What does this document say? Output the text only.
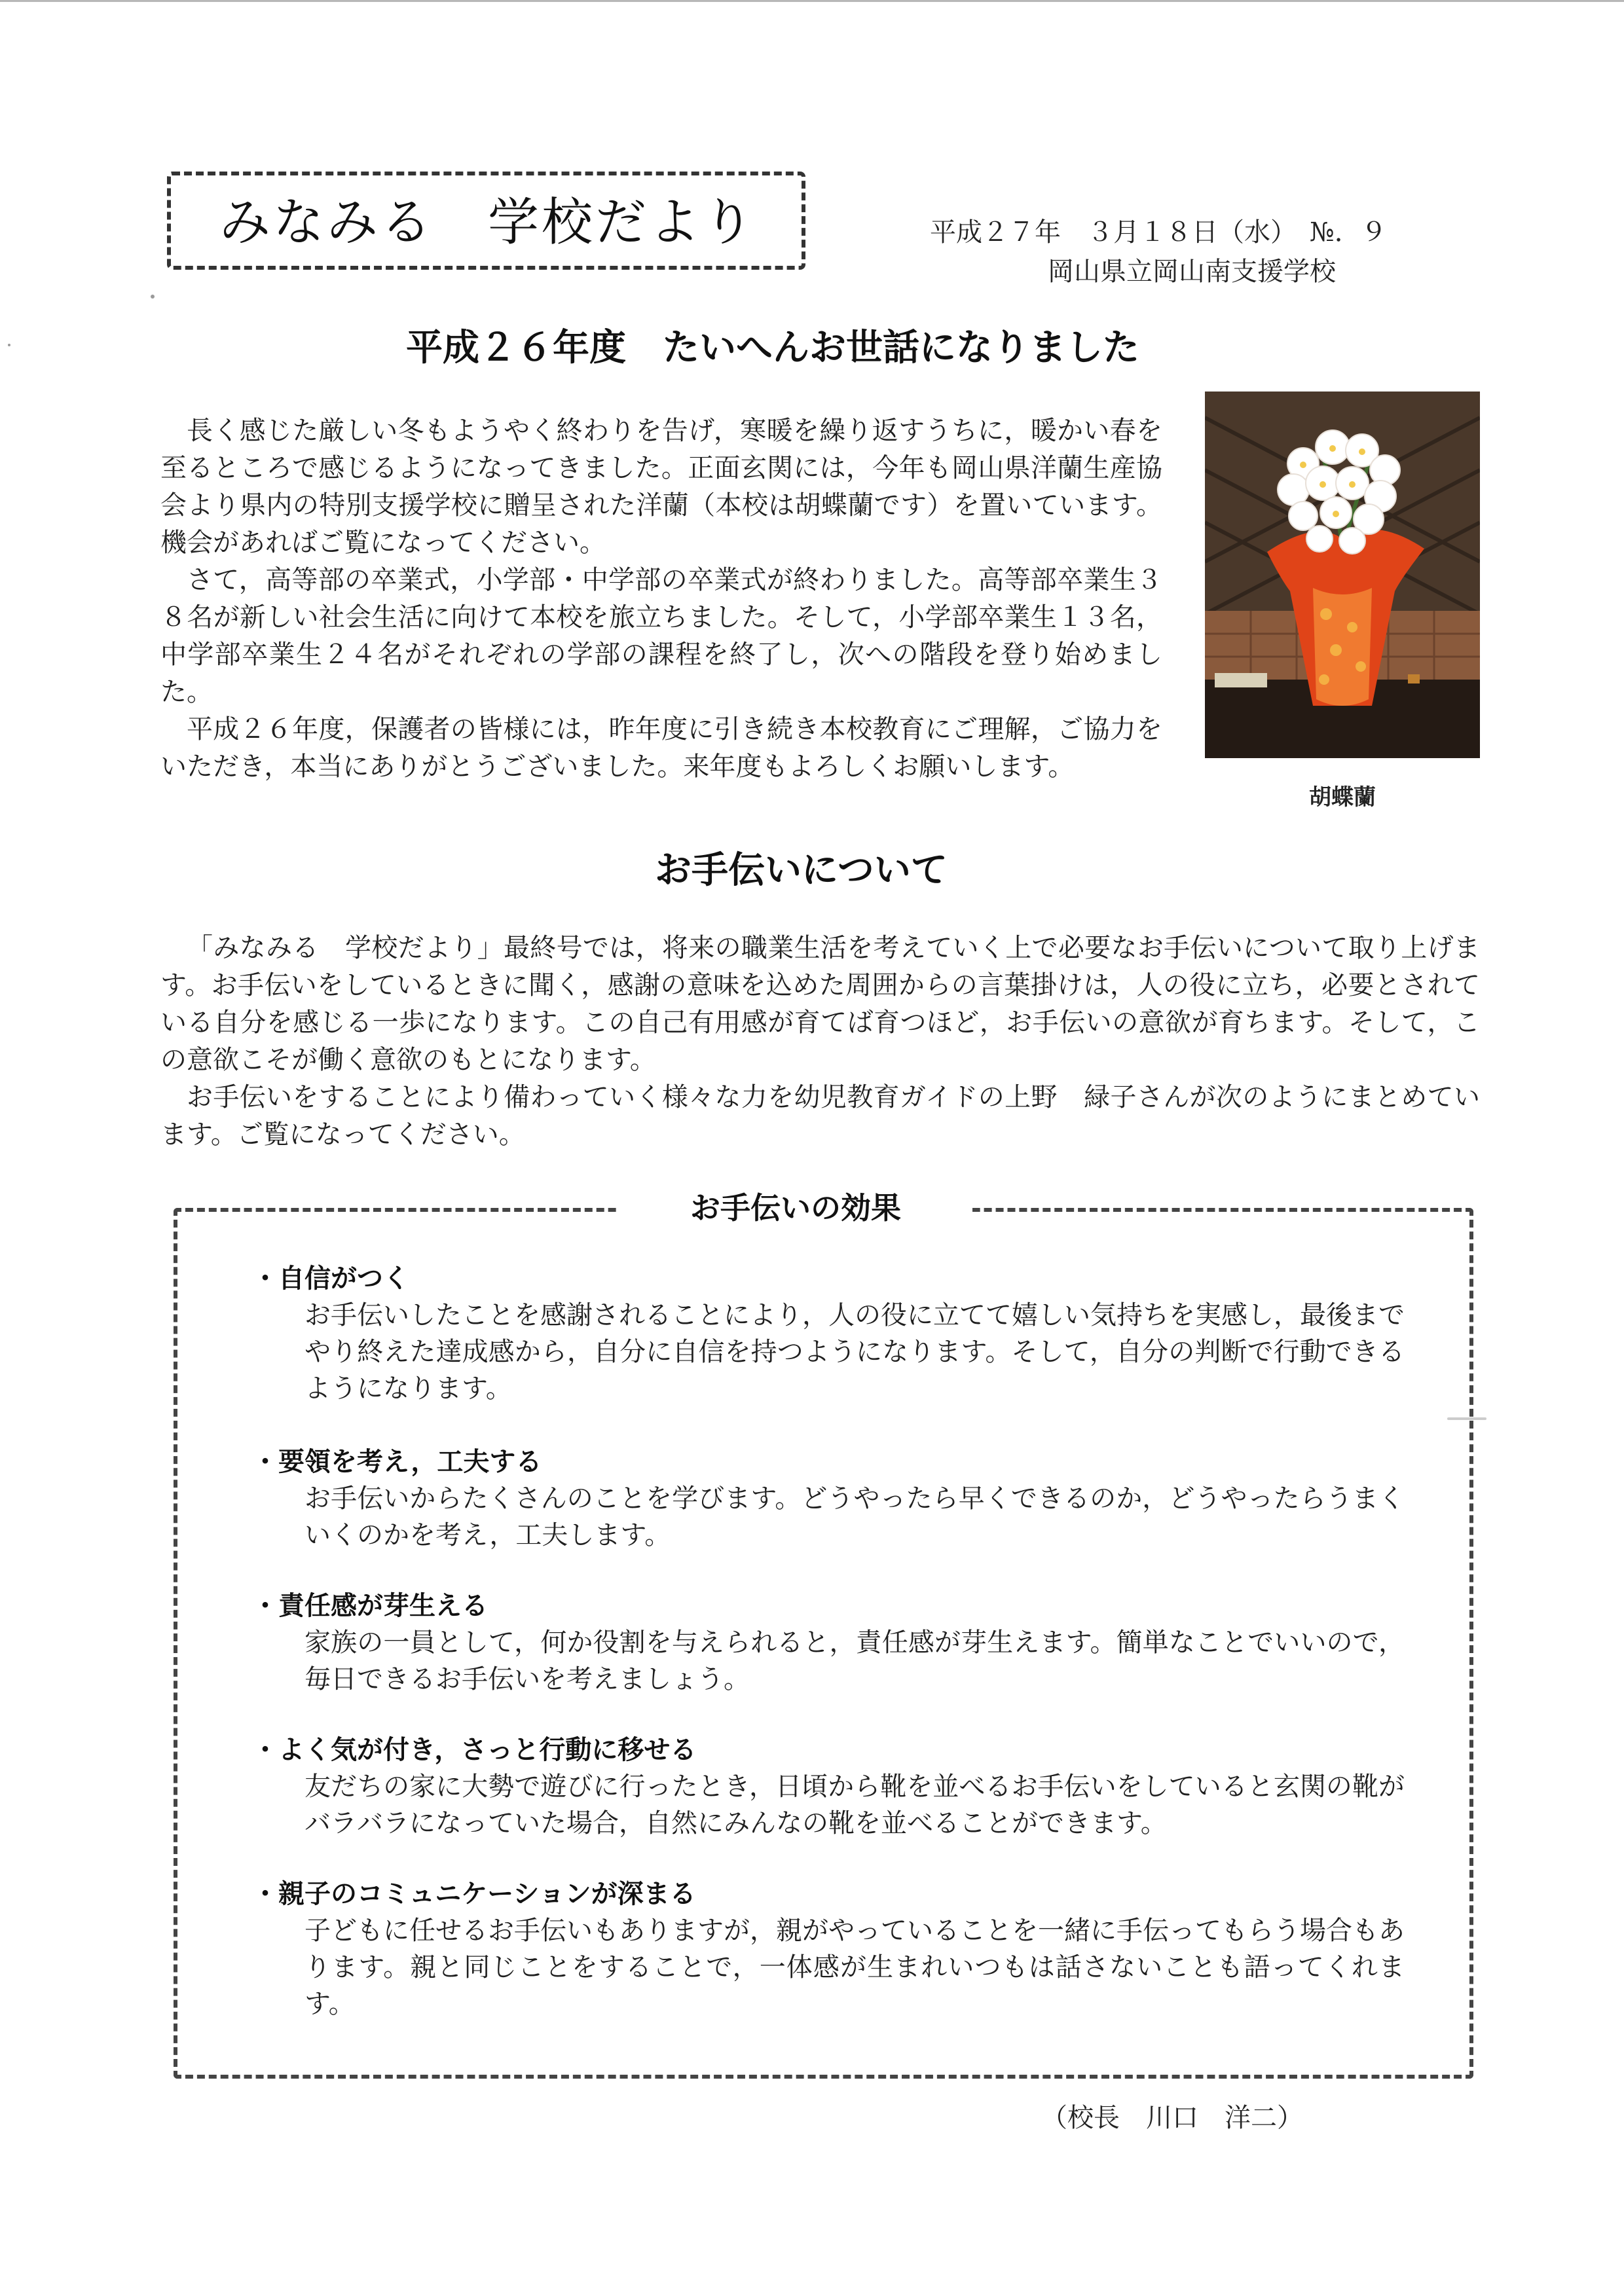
みなみる　学校だより	平成２７年　３月１８日（水）　№．９
岡山県立岡山南支援学校
平成２６年度　たいへんお世話になりました

長く感じた厳しい冬もようやく終わりを告げ，寒暖を繰り返すうちに，暖かい春を至るところで感じるようになってきました。正面玄関には，今年も岡山県洋蘭生産協会より県内の特別支援学校に贈呈された洋蘭（本校は胡蝶蘭です）を置いています。機会があればご覧になってください。

さて，高等部の卒業式，小学部・中学部の卒業式が終わりました。高等部卒業生３８名が新しい社会生活に向けて本校を旅立ちました。そして，小学部卒業生１３名，中学部卒業生２４名がそれぞれの学部の課程を終了し，次への階段を登り始めました。

平成２６年度，保護者の皆様には，昨年度に引き続き本校教育にご理解，ご協力をいただき，本当にありがとうございました。来年度もよろしくお願いします。

胡蝶蘭
お手伝いについて

「みなみる　学校だより」最終号では，将来の職業生活を考えていく上で必要なお手伝いについて取り上げます。お手伝いをしているときに聞く，感謝の意味を込めた周囲からの言葉掛けは，人の役に立ち，必要とされている自分を感じる一歩になります。この自己有用感が育てば育つほど，お手伝いの意欲が育ちます。そして，この意欲こそが働く意欲のもとになります。

お手伝いをすることにより備わっていく様々な力を幼児教育ガイドの上野　緑子さんが次のようにまとめています。ご覧になってください。

お手伝いの効果
・自信がつく
お手伝いしたことを感謝されることにより，人の役に立てて嬉しい気持ちを実感し，最後までやり終えた達成感から，自分に自信を持つようになります。そして，自分の判断で行動できるようになります。
・要領を考え，工夫する
お手伝いからたくさんのことを学びます。どうやったら早くできるのか，どうやったらうまくいくのかを考え，工夫します。
・責任感が芽生える
家族の一員として，何か役割を与えられると，責任感が芽生えます。簡単なことでいいので，毎日できるお手伝いを考えましょう。
・よく気が付き，さっと行動に移せる
友だちの家に大勢で遊びに行ったとき，日頃から靴を並べるお手伝いをしていると玄関の靴がバラバラになっていた場合，自然にみんなの靴を並べることができます。
・親子のコミュニケーションが深まる
子どもに任せるお手伝いもありますが，親がやっていることを一緒に手伝ってもらう場合もあります。親と同じことをすることで，一体感が生まれいつもは話さないことも語ってくれます。
（校長　川口　洋二）
